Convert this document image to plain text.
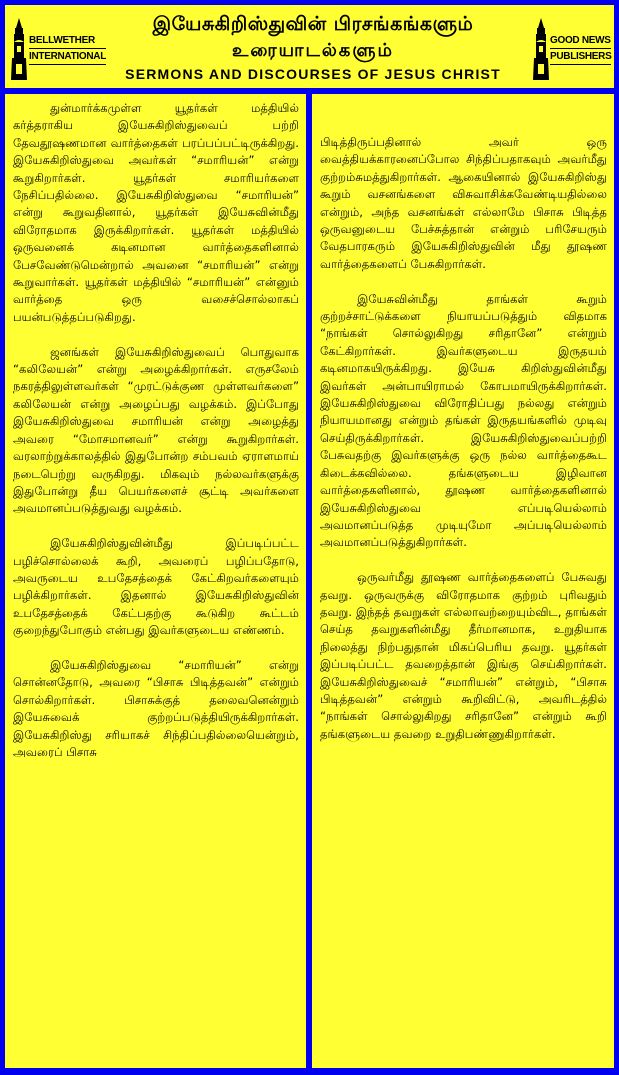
BELLWETHER
INTERNATIONAL
இயேசுகிறிஸ்துவின் பிரசங்கங்களும்
உரையாடல்களும்
SERMONS AND DISCOURSES OF JESUS CHRIST
GOOD NEWS
PUBLISHERS

துன்மார்க்கமுள்ள யூதர்கள் மத்தியில் கர்த்தராகிய இயேசுகிறிஸ்துவைப் பற்றி தேவதூஷணமான வார்த்தைகள் பரப்பப்பட்டிருக்கிறது. இயேசுகிறிஸ்துவை அவர்கள் “சமாரியன்” என்று கூறுகிறார்கள். யூதர்கள் சமாரியர்களை நேசிப்பதில்லை. இயேசுகிறிஸ்துவை “சமாரியன்” என்று கூறுவதினால், யூதர்கள் இயேசுவின்மீது விரோதமாக இருக்கிறார்கள். யூதர்கள் மத்தியில் ஒருவனைக் கடினமான வார்த்தைகளினால் பேசவேண்டுமென்றால் அவனை “சமாரியன்” என்று கூறுவார்கள். யூதர்கள் மத்தியில் “சமாரியன்” என்னும் வார்த்தை ஒரு வசைச்சொல்லாகப் பயன்படுத்தப்படுகிறது.

ஜனங்கள் இயேசுகிறிஸ்துவைப் பொதுவாக “கலிலேயன்” என்று அழைக்கிறார்கள். எருசலேம் நகரத்திலுள்ளவர்கள் “முரட்டுக்குண முள்ளவர்களை” கலிலேயன் என்று அழைப்பது வழக்கம். இப்போது இயேசுகிறிஸ்துவை சமாரியன் என்று அழைத்து அவரை “மோசமானவர்” என்று கூறுகிறார்கள். வரலாற்றுக்காலத்தில் இதுபோன்ற சம்பவம் ஏராளமாய் நடைபெற்று வருகிறது. மிகவும் நல்லவர்களுக்கு இதுபோன்று தீய பெயர்களைச் சூட்டி அவர்களை அவமானப்படுத்துவது வழக்கம்.

இயேசுகிறிஸ்துவின்மீது இப்படிப்பட்ட பழிச்சொல்லைக் கூறி, அவரைப் பழிப்பதோடு, அவருடைய உபதேசத்தைக் கேட்கிறவர்களையும் பழிக்கிறார்கள். இதனால் இயேசுகிறிஸ்துவின் உபதேசத்தைக் கேட்பதற்கு கூடுகிற கூட்டம் குறைந்துபோகும் என்பது இவர்களுடைய எண்ணம்.

இயேசுகிறிஸ்துவை “சமாரியன்” என்று சொன்னதோடு, அவரை “பிசாசு பிடித்தவன்” என்றும் சொல்கிறார்கள். பிசாசுக்குத் தலைவனென்றும் இயேசுவைக் குற்றப்படுத்தியிருக்கிறார்கள். இயேசுகிறிஸ்து சரியாகச் சிந்திப்பதில்லையென்றும், அவரைப் பிசாசு

பிடித்திருப்பதினால் அவர் ஒரு வைத்தியக்காரனைப்போல சிந்திப்பதாகவும் அவர்மீது குற்றம்சுமத்துகிறார்கள். ஆகையினால் இயேசுகிறிஸ்து கூறும் வசனங்களை விசுவாசிக்கவேண்டியதில்லை என்றும், அந்த வசனங்கள் எல்லாமே பிசாசு பிடித்த ஒருவனுடைய பேச்சுத்தான் என்றும் பரிசேயரும் வேதபாரகரும் இயேசுகிறிஸ்துவின் மீது தூஷண வார்த்தைகளைப் பேசுகிறார்கள்.

இயேசுவின்மீது தாங்கள் கூறும் குற்றச்சாட்டுக்களை நியாயப்படுத்தும் விதமாக “நாங்கள் சொல்லுகிறது சரிதானே” என்றும் கேட்கிறார்கள். இவர்களுடைய இருதயம் கடினமாகயிருக்கிறது. இயேசு கிறிஸ்துவின்மீது இவர்கள் அன்பாயிராமல் கோபமாயிருக்கிறார்கள். இயேசுகிறிஸ்துவை விரோதிப்பது நல்லது என்றும் நியாயமானது என்றும் தங்கள் இருதயங்களில் முடிவு செய்திருக்கிறார்கள். இயேசுகிறிஸ்துவைப்பற்றி பேசுவதற்கு இவர்களுக்கு ஒரு நல்ல வார்த்தைகூட கிடைக்கவில்லை. தங்களுடைய இழிவான வார்த்தைகளினால், தூஷண வார்த்தைகளினால் இயேசுகிறிஸ்துவை எப்படியெல்லாம் அவமானப்படுத்த முடியுமோ அப்படியெல்லாம் அவமானப்படுத்துகிறார்கள்.

ஒருவர்மீது தூஷண வார்த்தைகளைப் பேசுவது தவறு. ஒருவருக்கு விரோதமாக குற்றம் புரிவதும் தவறு. இந்தத் தவறுகள் எல்லாவற்றையும்விட, தாங்கள் செய்த தவறுகளின்மீது தீர்மானமாக, உறுதியாக நிலைத்து நிற்பதுதான் மிகப்பெரிய தவறு. யூதர்கள் இப்படிப்பட்ட தவறைத்தான் இங்கு செய்கிறார்கள். இயேசுகிறிஸ்துவைச் “சமாரியன்” என்றும், “பிசாசு பிடித்தவன்” என்றும் கூறிவிட்டு, அவரிடத்தில் “நாங்கள் சொல்லுகிறது சரிதானே” என்றும் கூறி தங்களுடைய தவறை உறுதிபண்ணுகிறார்கள்.
